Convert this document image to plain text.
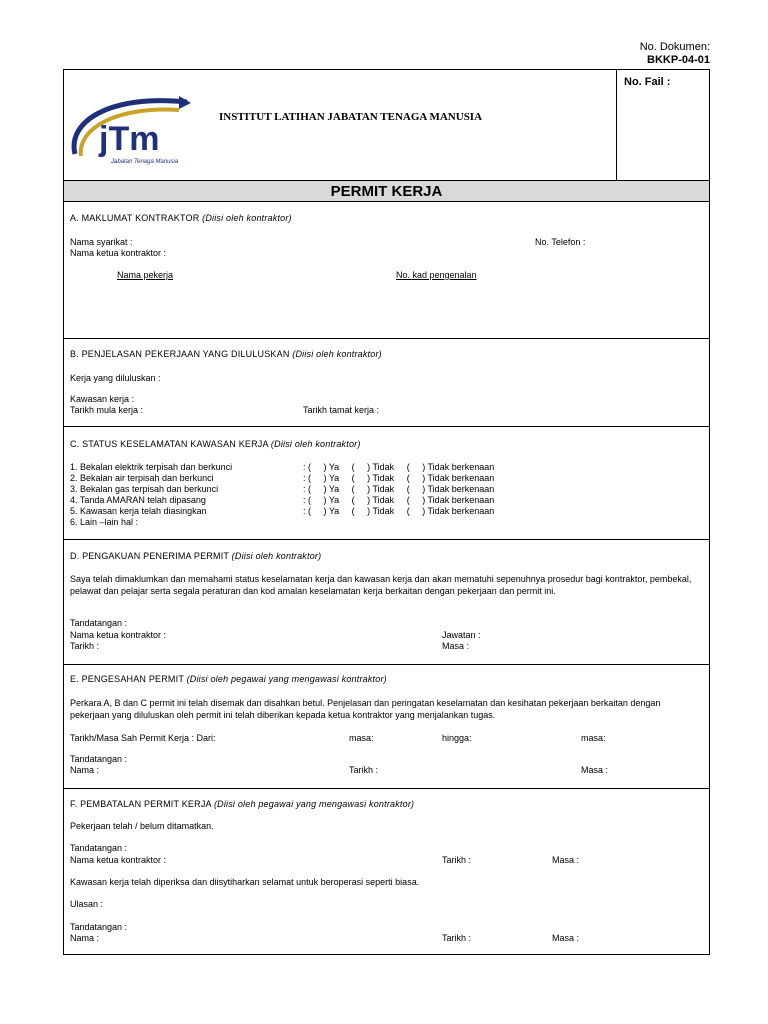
No. Dokumen:
BKKP-04-01
No. Fail :
jTm
Jabatan Tenaga Manusia
INSTITUT LATIHAN JABATAN TENAGA MANUSIA
PERMIT KERJA
A. MAKLUMAT KONTRAKTOR (Diisi oleh kontraktor)
Nama syarikat :	No. Telefon :
Nama ketua kontraktor :
Nama pekerja	No. kad pengenalan
B. PENJELASAN PEKERJAAN YANG DILULUSKAN (Diisi oleh kontraktor)
Kerja yang diluluskan :
Kawasan kerja :
Tarikh mula kerja :	Tarikh tamat kerja :
C. STATUS KESELAMATAN KAWASAN KERJA (Diisi oleh kontraktor)
1. Bekalan elektrik terpisah dan berkunci	: (     ) Ya     (     ) Tidak     (     ) Tidak berkenaan
2. Bekalan air terpisah dan berkunci	: (     ) Ya     (     ) Tidak     (     ) Tidak berkenaan
3. Bekalan gas terpisah dan berkunci	: (     ) Ya     (     ) Tidak     (     ) Tidak berkenaan
4. Tanda AMARAN telah dipasang	: (     ) Ya     (     ) Tidak     (     ) Tidak berkenaan
5. Kawasan kerja telah diasingkan	: (     ) Ya     (     ) Tidak     (     ) Tidak berkenaan
6. Lain –lain hal :
D. PENGAKUAN PENERIMA PERMIT (Diisi oleh kontraktor)
Saya telah dimaklumkan dan memahami status keselamatan kerja dan kawasan kerja dan akan mematuhi sepenuhnya prosedur bagi kontraktor, pembekal, pelawat dan pelajar serta segala peraturan dan kod amalan keselamatan kerja berkaitan dengan pekerjaan dan permit ini.
Tandatangan :
Nama ketua kontraktor :	Jawatan :
Tarikh :	Masa :
E. PENGESAHAN PERMIT (Diisi oleh pegawai yang mengawasi kontraktor)
Perkara A, B dan C permit ini telah disemak dan disahkan betul. Penjelasan dan peringatan keselamatan dan kesihatan pekerjaan berkaitan dengan pekerjaan yang diluluskan oleh permit ini telah diberikan kepada ketua kontraktor yang menjalankan tugas.
Tarikh/Masa Sah Permit Kerja : Dari:	masa:	hingga:	masa:
Tandatangan :
Nama :	Tarikh :	Masa :
F. PEMBATALAN PERMIT KERJA (Diisi oleh pegawai yang mengawasi kontraktor)
Pekerjaan telah / belum ditamatkan.
Tandatangan :
Nama ketua kontraktor :	Tarikh :	Masa :
Kawasan kerja telah diperiksa dan diisytiharkan selamat untuk beroperasi seperti biasa.
Ulasan :
Tandatangan :
Nama :	Tarikh :	Masa :
